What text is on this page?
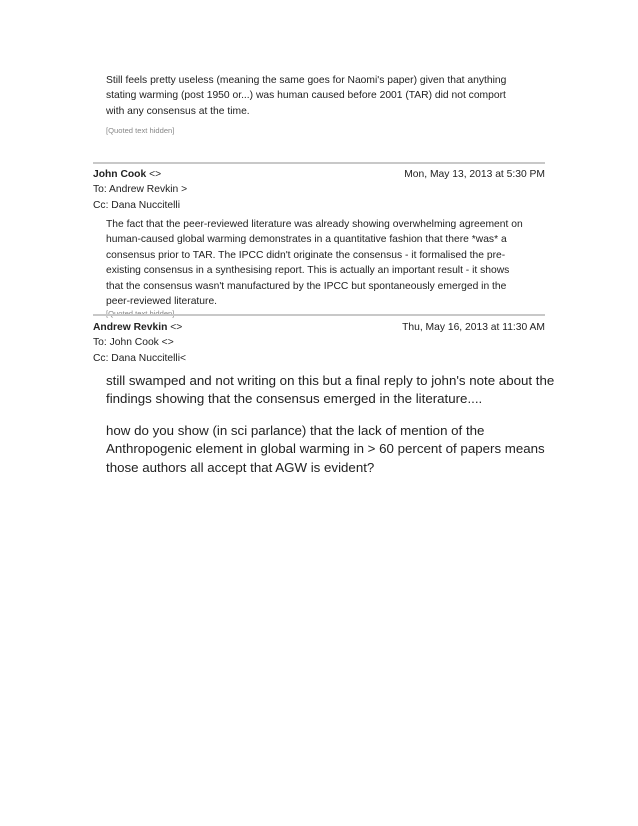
Still feels pretty useless (meaning the same goes for Naomi's paper) given that anything
stating warming (post 1950 or...) was human caused before 2001 (TAR) did not comport
with any consensus at the time.

[Quoted text hidden]

John Cook <>	Mon, May 13, 2013 at 5:30 PM
To: Andrew Revkin >
Cc: Dana Nuccitelli

The fact that the peer-reviewed literature was already showing overwhelming agreement on
human-caused global warming demonstrates in a quantitative fashion that there *was* a
consensus prior to TAR. The IPCC didn't originate the consensus - it formalised the pre-
existing consensus in a synthesising report. This is actually an important result - it shows
that the consensus wasn't manufactured by the IPCC but spontaneously emerged in the
peer-reviewed literature.

Andrew Revkin <>	Thu, May 16, 2013 at 11:30 AM
To: John Cook <>
Cc: Dana Nuccitelli<

still swamped and not writing on this but a final reply to john's note about the
findings showing that the consensus emerged in the literature....

how do you show (in sci parlance) that the lack of mention of the
Anthropogenic element in global warming in > 60 percent of papers means
those authors all accept that AGW is evident?
